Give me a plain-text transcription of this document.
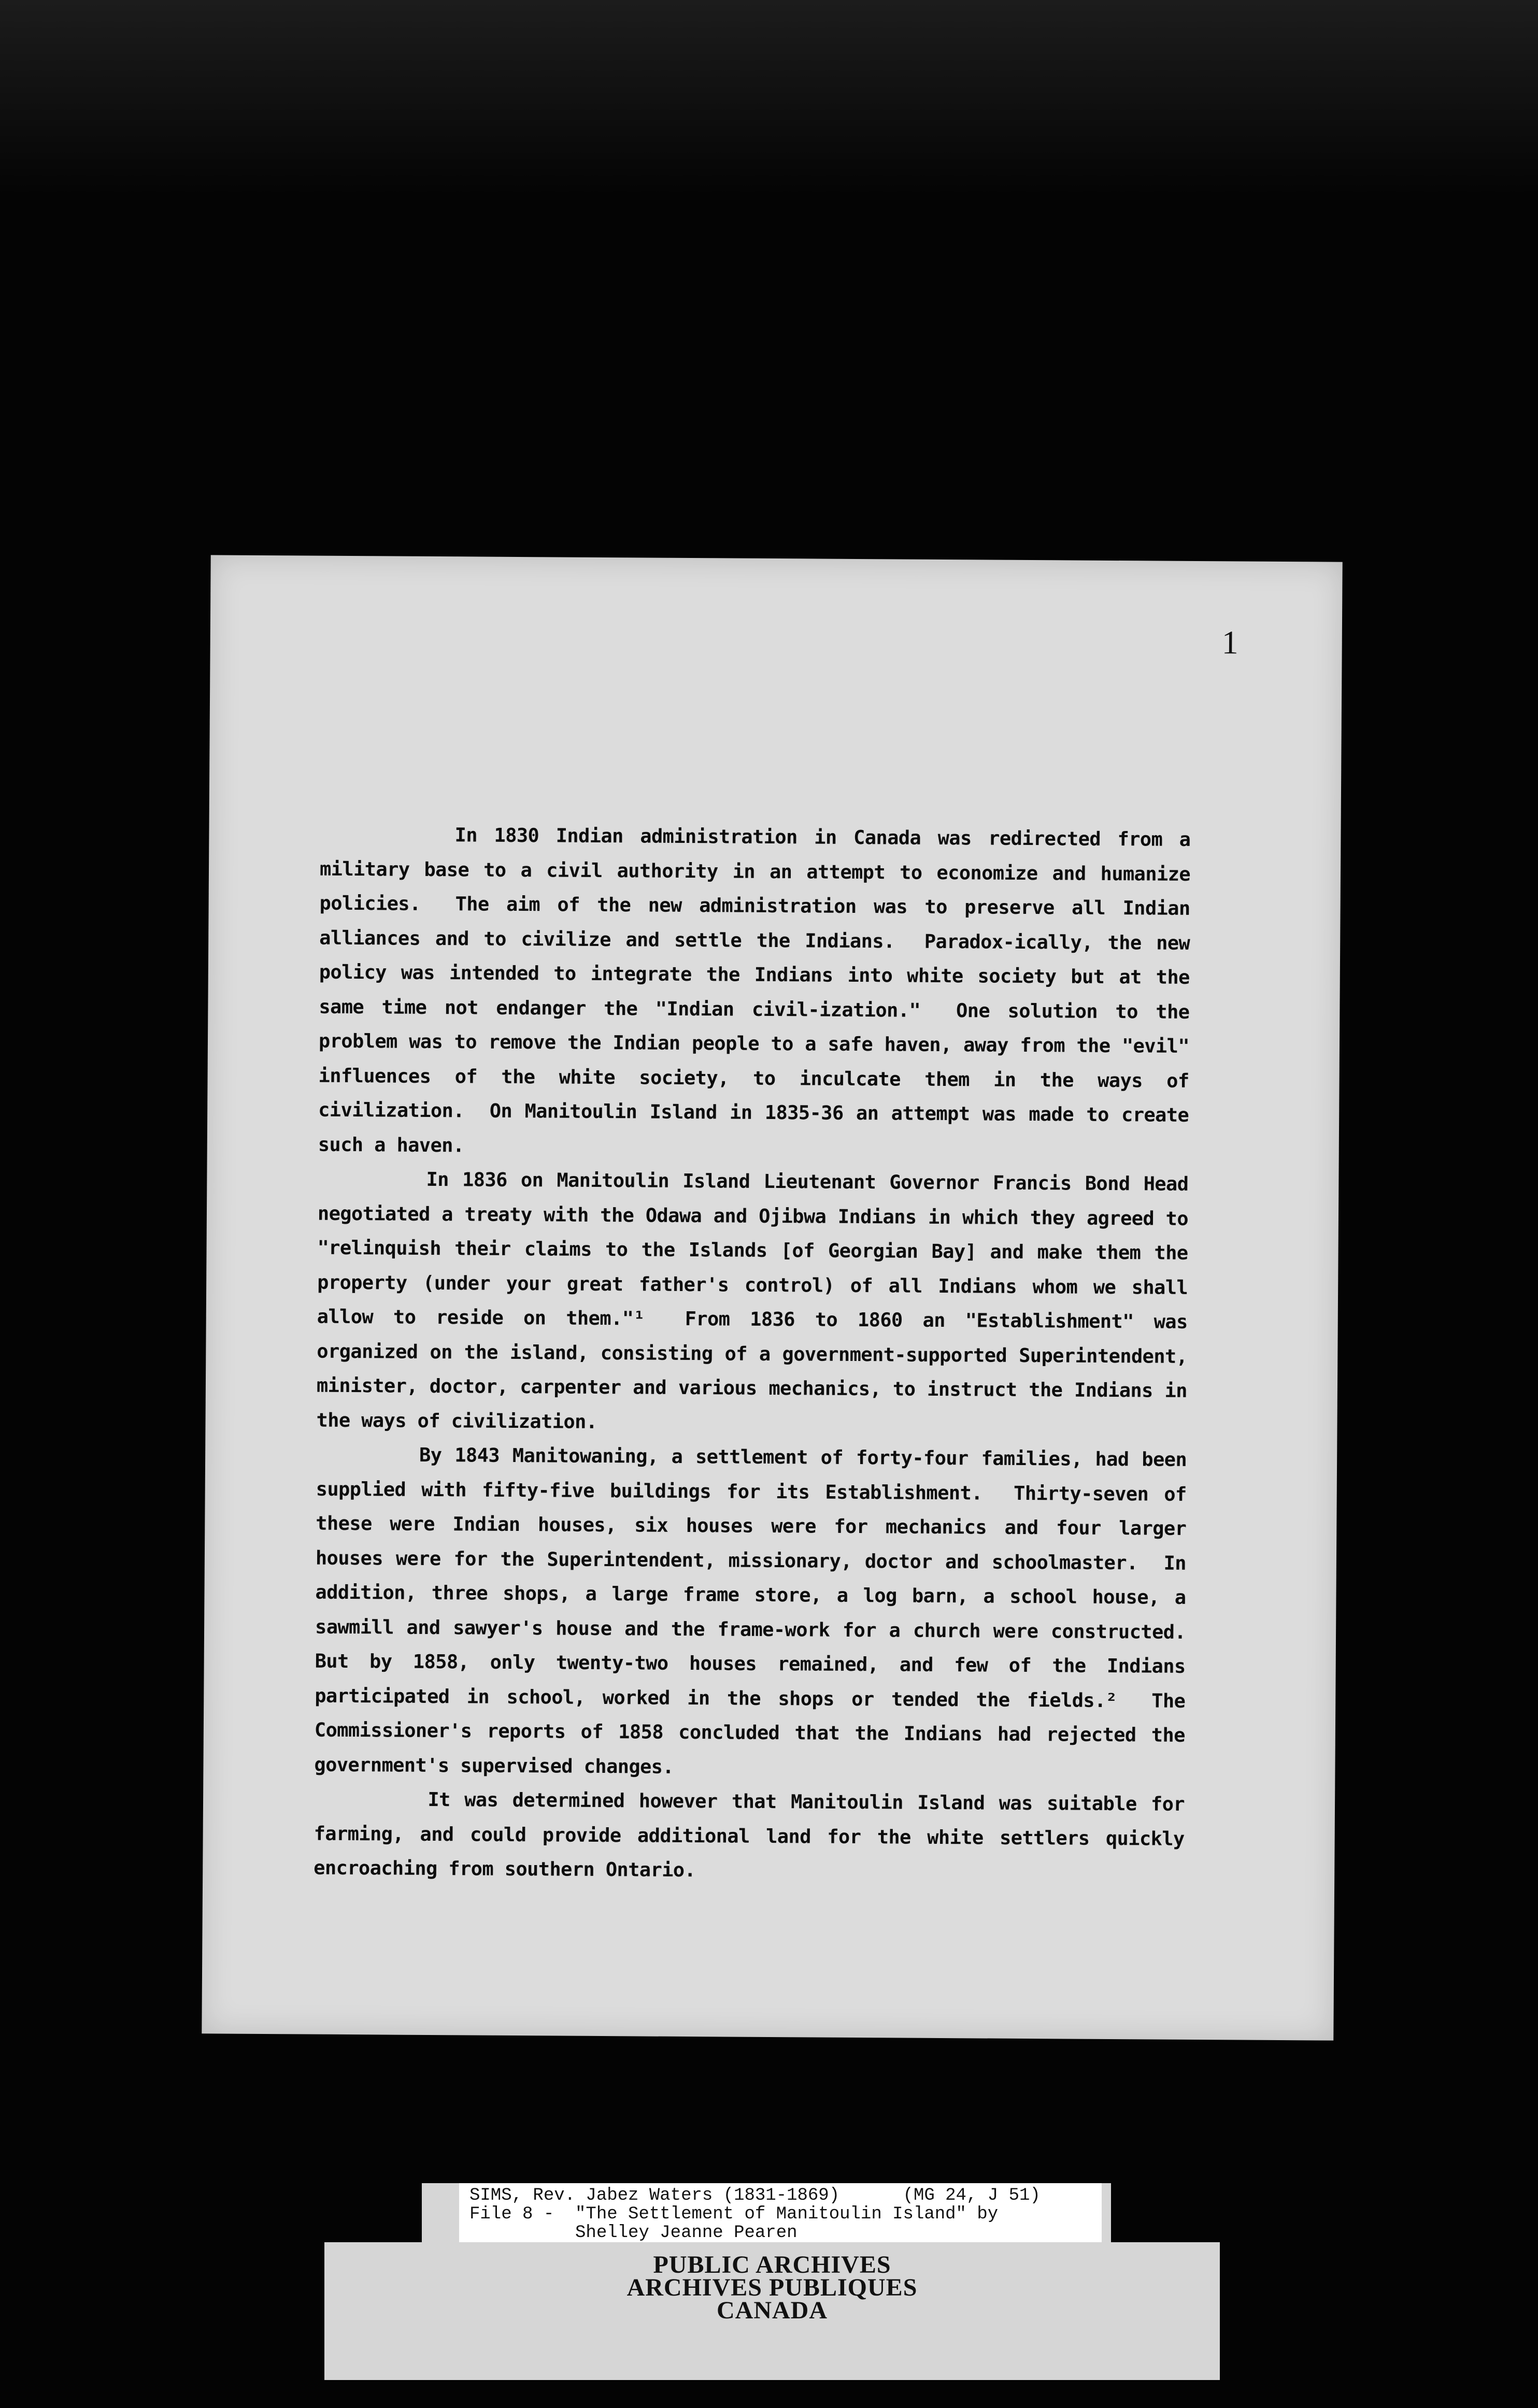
1

In 1830 Indian administration in Canada was redirected from a military base to a civil authority in an attempt to economize and humanize policies.  The aim of the new administration was to preserve all Indian alliances and to civilize and settle the Indians.  Paradox-ically, the new policy was intended to integrate the Indians into white society but at the same time not endanger the "Indian civil-ization."  One solution to the problem was to remove the Indian people to a safe haven, away from the "evil" influences of the white society, to inculcate them in the ways of civilization.  On Manitoulin Island in 1835-36 an attempt was made to create such a haven.

In 1836 on Manitoulin Island Lieutenant Governor Francis Bond Head negotiated a treaty with the Odawa and Ojibwa Indians in which they agreed to "relinquish their claims to the Islands [of Georgian Bay] and make them the property (under your great father's control) of all Indians whom we shall allow to reside on them."¹  From 1836 to 1860 an "Establishment" was organized on the island, consisting of a government-supported Superintendent, minister, doctor, carpenter and various mechanics, to instruct the Indians in the ways of civilization.

By 1843 Manitowaning, a settlement of forty-four families, had been supplied with fifty-five buildings for its Establishment.  Thirty-seven of these were Indian houses, six houses were for mechanics and four larger houses were for the Superintendent, missionary, doctor and schoolmaster.  In addition, three shops, a large frame store, a log barn, a school house, a sawmill and sawyer's house and the frame-work for a church were constructed.  But by 1858, only twenty-two houses remained, and few of the Indians participated in school, worked in the shops or tended the fields.²  The Commissioner's reports of 1858 concluded that the Indians had rejected the government's supervised changes.

It was determined however that Manitoulin Island was suitable for farming, and could provide additional land for the white settlers quickly encroaching from southern Ontario.

SIMS, Rev. Jabez Waters (1831-1869)      (MG 24, J 51)
File 8 -  "The Settlement of Manitoulin Island" by
Shelley Jeanne Pearen
PUBLIC ARCHIVES
ARCHIVES PUBLIQUES
CANADA
